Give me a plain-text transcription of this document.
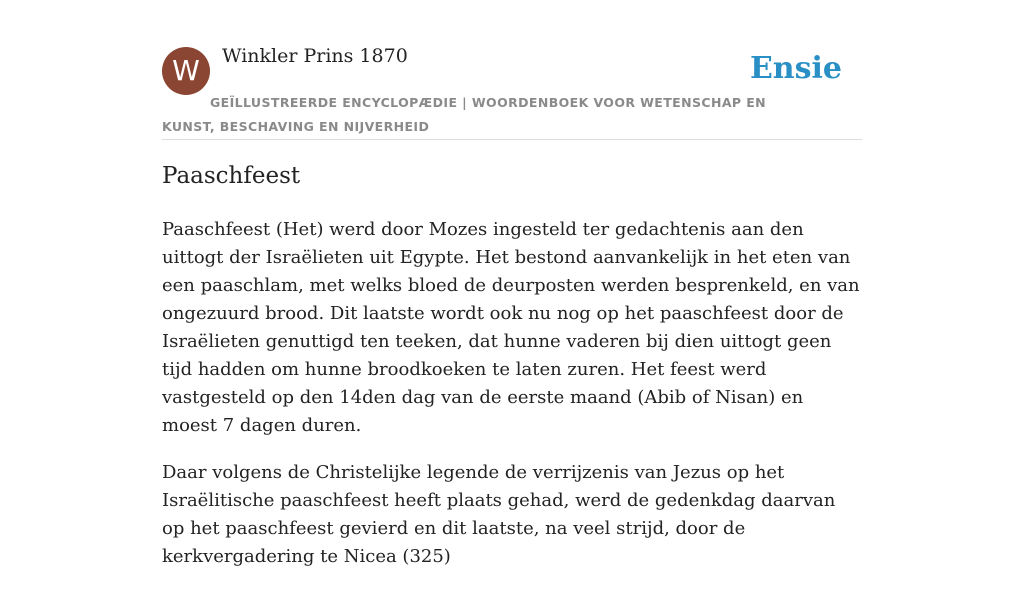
W	Winkler Prins 1870	Ensie
GEÏLLUSTREERDE ENCYCLOPÆDIE | WOORDENBOEK VOOR WETENSCHAP EN KUNST, BESCHAVING EN NIJVERHEID
Paaschfeest

Paaschfeest (Het) werd door Mozes ingesteld ter gedachtenis aan den uittogt der Israëlieten uit Egypte. Het bestond aanvankelijk in het eten van een paaschlam, met welks bloed de deurposten werden besprenkeld, en van ongezuurd brood. Dit laatste wordt ook nu nog op het paaschfeest door de Israëlieten genuttigd ten teeken, dat hunne vaderen bij dien uittogt geen tijd hadden om hunne broodkoeken te laten zuren. Het feest werd vastgesteld op den 14den dag van de eerste maand (Abib of Nisan) en moest 7 dagen duren.

Daar volgens de Christelijke legende de verrijzenis van Jezus op het Israëlitische paaschfeest heeft plaats gehad, werd de gedenkdag daarvan op het paaschfeest gevierd en dit laatste, na veel strijd, door de kerkvergadering te Nicea (325)
